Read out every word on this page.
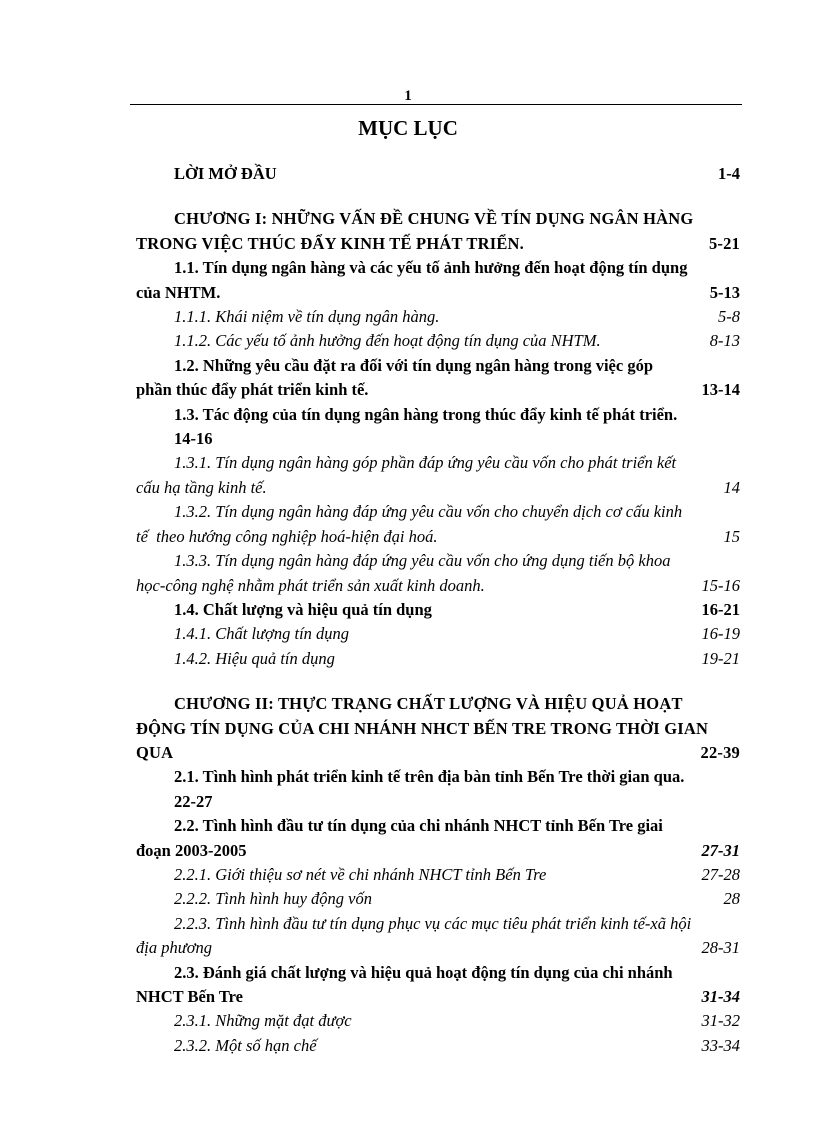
1
MỤC LỤC
LỜI MỞ ĐẦU	1-4
CHƯƠNG I: NHỮNG VẤN ĐỀ CHUNG VỀ TÍN DỤNG NGÂN HÀNG
TRONG VIỆC THÚC ĐẨY KINH TẾ PHÁT TRIỂN.	5-21
1.1. Tín dụng ngân hàng và các yếu tố ảnh hưởng đến hoạt động tín dụng
của NHTM.	5-13
1.1.1. Khái niệm về tín dụng ngân hàng.	5-8
1.1.2. Các yếu tố ảnh hưởng đến hoạt động tín dụng của NHTM.	8-13
1.2. Những yêu cầu đặt ra đối với tín dụng ngân hàng trong việc góp
phần thúc đẩy phát triển kinh tế.	13-14
1.3. Tác động của tín dụng ngân hàng trong thúc đẩy kinh tế phát triển.
14-16
1.3.1. Tín dụng ngân hàng góp phần đáp ứng yêu cầu vốn cho phát triển kết
cấu hạ tầng kinh tế.	14
1.3.2. Tín dụng ngân hàng đáp ứng yêu cầu vốn cho chuyển dịch cơ cấu kinh
tế  theo hướng công nghiệp hoá-hiện đại hoá.	15
1.3.3. Tín dụng ngân hàng đáp ứng yêu cầu vốn cho ứng dụng tiến bộ khoa
học-công nghệ nhằm phát triển sản xuất kinh doanh.	15-16
1.4. Chất lượng và hiệu quả tín dụng	16-21
1.4.1. Chất lượng tín dụng	16-19
1.4.2. Hiệu quả tín dụng	19-21
CHƯƠNG II: THỰC TRẠNG CHẤT LƯỢNG VÀ HIỆU QUẢ HOẠT
ĐỘNG TÍN DỤNG CỦA CHI NHÁNH NHCT BẾN TRE TRONG THỜI GIAN
QUA	22-39
2.1. Tình hình phát triển kinh tế trên địa bàn tỉnh Bến Tre thời gian qua.
22-27
2.2. Tình hình đầu tư tín dụng của chi nhánh NHCT tỉnh Bến Tre giai
đoạn 2003-2005	27-31
2.2.1. Giới thiệu sơ nét về chi nhánh NHCT tỉnh Bến Tre	27-28
2.2.2. Tình hình huy động vốn	28
2.2.3. Tình hình đầu tư tín dụng phục vụ các mục tiêu phát triển kinh tế-xã hội
địa phương	28-31
2.3. Đánh giá chất lượng và hiệu quả hoạt động tín dụng của chi nhánh
NHCT Bến Tre	31-34
2.3.1. Những mặt đạt được	31-32
2.3.2. Một số hạn chế	33-34
